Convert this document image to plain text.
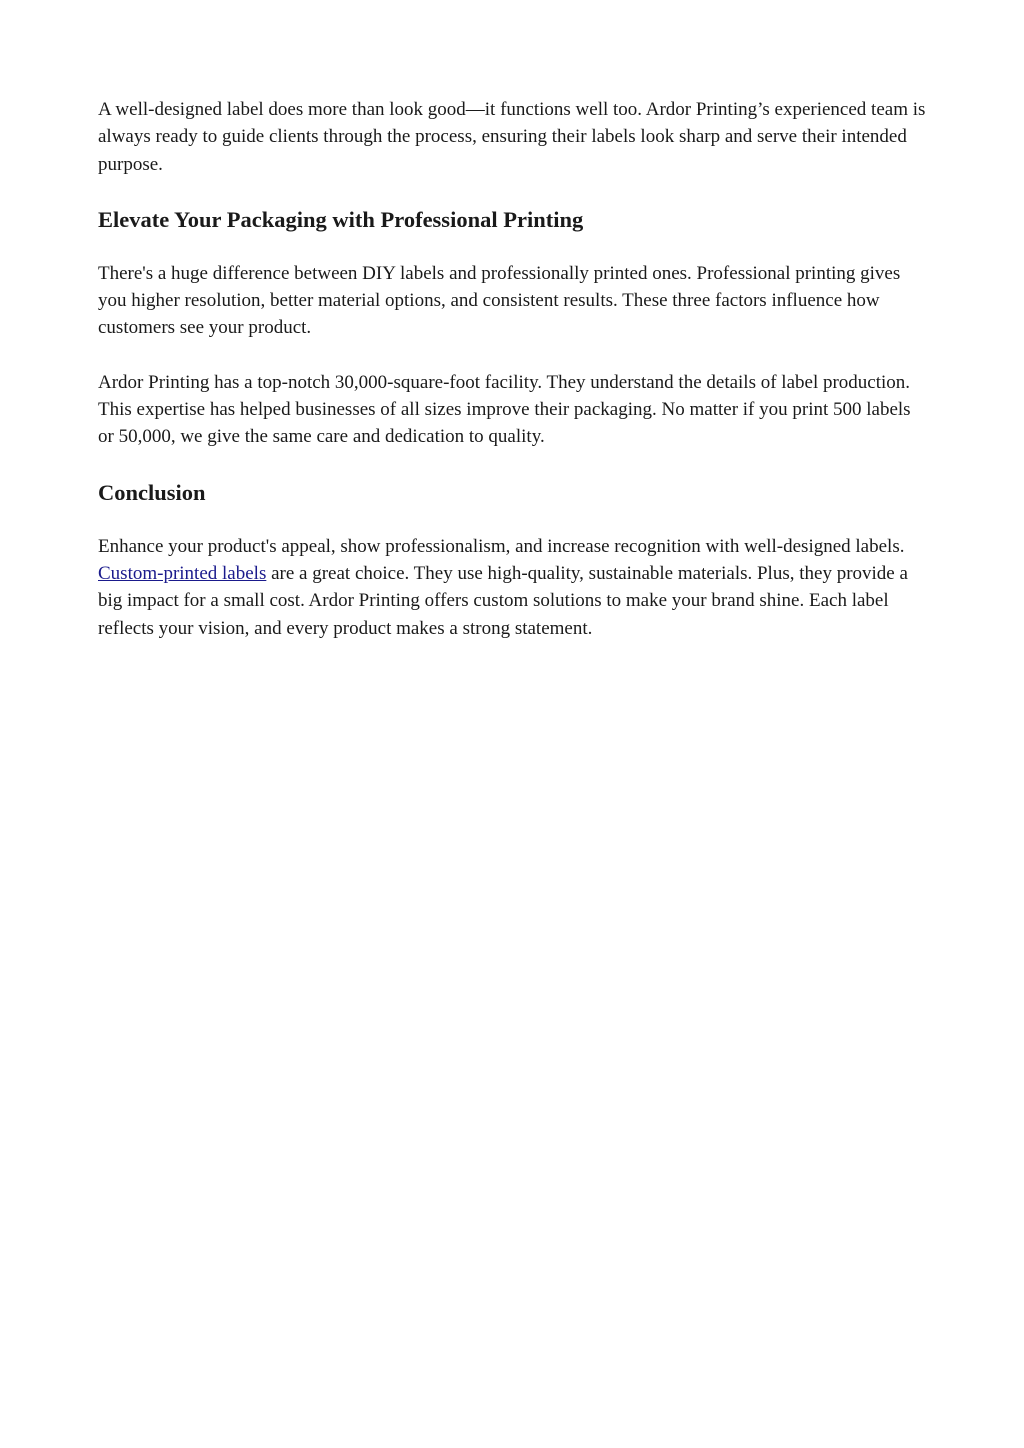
A well-designed label does more than look good—it functions well too. Ardor Printing’s experienced team is always ready to guide clients through the process, ensuring their labels look sharp and serve their intended purpose.

Elevate Your Packaging with Professional Printing

There's a huge difference between DIY labels and professionally printed ones. Professional printing gives you higher resolution, better material options, and consistent results. These three factors influence how customers see your product.

Ardor Printing has a top-notch 30,000-square-foot facility. They understand the details of label production. This expertise has helped businesses of all sizes improve their packaging. No matter if you print 500 labels or 50,000, we give the same care and dedication to quality.

Conclusion

Enhance your product's appeal, show professionalism, and increase recognition with well-designed labels. Custom-printed labels are a great choice. They use high-quality, sustainable materials. Plus, they provide a big impact for a small cost. Ardor Printing offers custom solutions to make your brand shine. Each label reflects your vision, and every product makes a strong statement.
